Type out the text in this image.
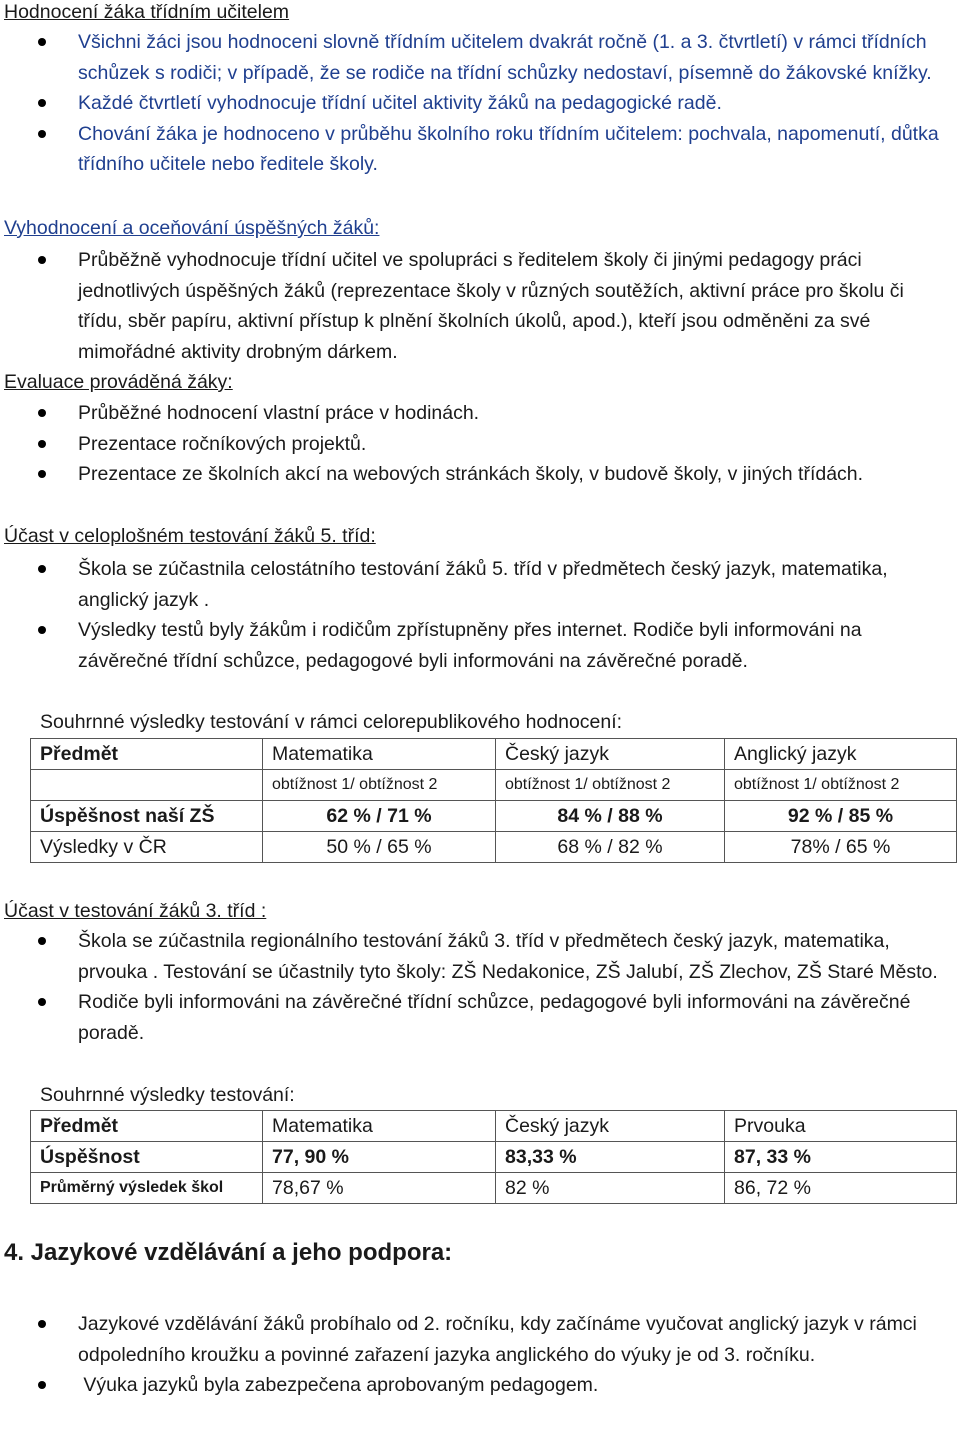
Hodnocení žáka třídním učitelem
Všichni žáci jsou hodnoceni slovně třídním učitelem dvakrát ročně (1. a 3. čtvrtletí) v rámci třídních schůzek s rodiči; v případě, že se rodiče na třídní schůzky nedostaví, písemně do žákovské knížky.
Každé čtvrtletí vyhodnocuje třídní učitel aktivity žáků na pedagogické radě.
Chování žáka je hodnoceno v průběhu školního roku třídním učitelem: pochvala, napomenutí, důtka třídního učitele nebo ředitele školy.
Vyhodnocení a oceňování úspěšných žáků:
Průběžně vyhodnocuje třídní učitel ve spolupráci s ředitelem školy či jinými pedagogy práci jednotlivých úspěšných žáků (reprezentace školy v různých soutěžích, aktivní práce pro školu či třídu, sběr papíru, aktivní přístup k plnění školních úkolů, apod.), kteří jsou odměněni za své mimořádné aktivity drobným dárkem.
Evaluace prováděná žáky:
Průběžné hodnocení vlastní práce v hodinách.
Prezentace ročníkových projektů.
Prezentace ze školních akcí na webových stránkách školy, v budově školy, v jiných třídách.
Účast v celoplošném testování žáků 5. tříd:
Škola se zúčastnila celostátního testování žáků 5. tříd v předmětech český jazyk, matematika, anglický jazyk .
Výsledky testů byly žákům i rodičům zpřístupněny přes internet. Rodiče byli informováni na závěrečné třídní schůzce, pedagogové byli informováni na závěrečné poradě.
Souhrnné výsledky testování v rámci celorepublikového hodnocení:
Předmět	Matematika	Český jazyk	Anglický jazyk
	obtížnost 1/ obtížnost 2	obtížnost 1/ obtížnost 2	obtížnost 1/ obtížnost 2
Úspěšnost naší ZŠ	62 % / 71 %	84 % / 88 %	92 % / 85 %
Výsledky v ČR	50 % / 65 %	68 % / 82 %	78% / 65 %
Účast v testování žáků 3. tříd :
Škola se zúčastnila regionálního testování žáků 3. tříd v předmětech český jazyk, matematika, prvouka . Testování se účastnily tyto školy: ZŠ Nedakonice, ZŠ Jalubí, ZŠ Zlechov, ZŠ Staré Město.
Rodiče byli informováni na závěrečné třídní schůzce, pedagogové byli informováni na závěrečné poradě.
Souhrnné výsledky testování:
Předmět	Matematika	Český jazyk	Prvouka
Úspěšnost	77, 90 %	83,33 %	87, 33 %
Průměrný výsledek škol	78,67 %	82 %	86, 72 %
4. Jazykové vzdělávání a jeho podpora:
Jazykové vzdělávání žáků probíhalo od 2. ročníku, kdy začínáme vyučovat anglický jazyk v rámci odpoledního kroužku a povinné zařazení jazyka anglického do výuky je od 3. ročníku.
Výuka jazyků byla zabezpečena aprobovaným pedagogem.
